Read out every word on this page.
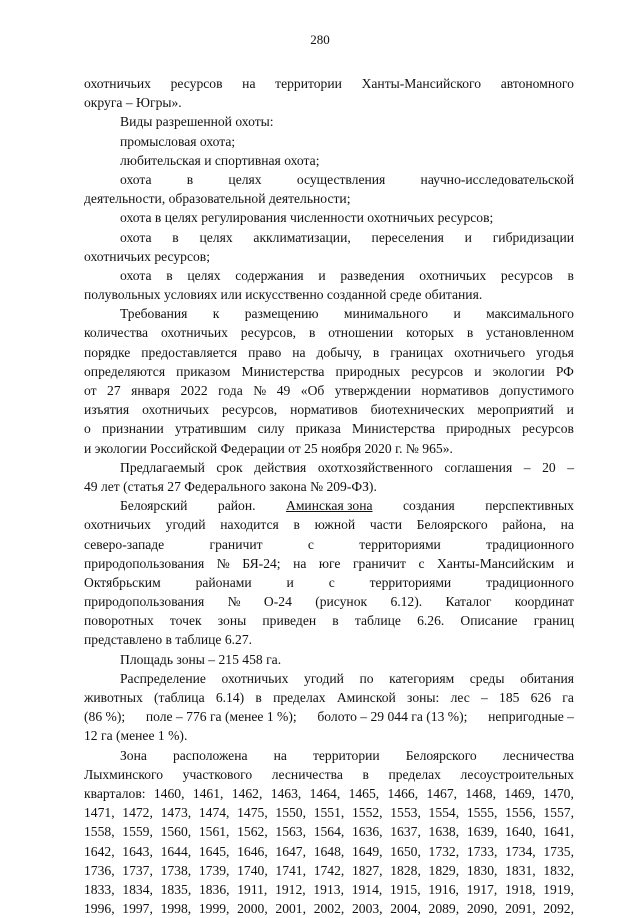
280
охотничьих ресурсов на территории Ханты-Мансийского автономного
округа – Югры».
Виды разрешенной охоты:
промысловая охота;
любительская и спортивная охота;
охота	в	целях	осуществления	научно-исследовательской
деятельности, образовательной деятельности;
охота в целях регулирования численности охотничьих ресурсов;
охота в целях акклиматизации, переселения и гибридизации
охотничьих ресурсов;
охота в целях содержания и разведения охотничьих ресурсов в
полувольных условиях или искусственно созданной среде обитания.
Требования к размещению минимального и максимального
количества охотничьих ресурсов, в отношении которых в установленном
порядке предоставляется право на добычу, в границах охотничьего угодья
определяются приказом Министерства природных ресурсов и экологии РФ
от 27 января 2022 года № 49 «Об утверждении нормативов допустимого
изъятия охотничьих ресурсов, нормативов биотехнических мероприятий и
о признании утратившим силу приказа Министерства природных ресурсов
и экологии Российской Федерации от 25 ноября 2020 г. № 965».
Предлагаемый срок действия охотхозяйственного соглашения – 20 –
49 лет (статья 27 Федерального закона № 209-ФЗ).
Белоярский район. Аминская зона создания перспективных
охотничьих угодий находится в южной части Белоярского района, на
северо-западе	граничит	с	территориями	традиционного
природопользования № БЯ-24; на юге граничит с Ханты-Мансийским и
Октябрьским	районами	и	с	территориями	традиционного
природопользования № О-24 (рисунок 6.12). Каталог координат
поворотных точек зоны приведен в таблице 6.26. Описание границ
представлено в таблице 6.27.
Площадь зоны – 215 458 га.
Распределение охотничьих угодий по категориям среды обитания
животных (таблица 6.14) в пределах Аминской зоны: лес – 185 626 га
(86 %); поле – 776 га (менее 1 %); болото – 29 044 га (13 %); непригодные –
12 га (менее 1 %).
Зона расположена на территории Белоярского лесничества
Лыхминского участкового лесничества в пределах лесоустроительных
кварталов: 1460, 1461, 1462, 1463, 1464, 1465, 1466, 1467, 1468, 1469, 1470,
1471, 1472, 1473, 1474, 1475, 1550, 1551, 1552, 1553, 1554, 1555, 1556, 1557,
1558, 1559, 1560, 1561, 1562, 1563, 1564, 1636, 1637, 1638, 1639, 1640, 1641,
1642, 1643, 1644, 1645, 1646, 1647, 1648, 1649, 1650, 1732, 1733, 1734, 1735,
1736, 1737, 1738, 1739, 1740, 1741, 1742, 1827, 1828, 1829, 1830, 1831, 1832,
1833, 1834, 1835, 1836, 1911, 1912, 1913, 1914, 1915, 1916, 1917, 1918, 1919,
1996, 1997, 1998, 1999, 2000, 2001, 2002, 2003, 2004, 2089, 2090, 2091, 2092,
